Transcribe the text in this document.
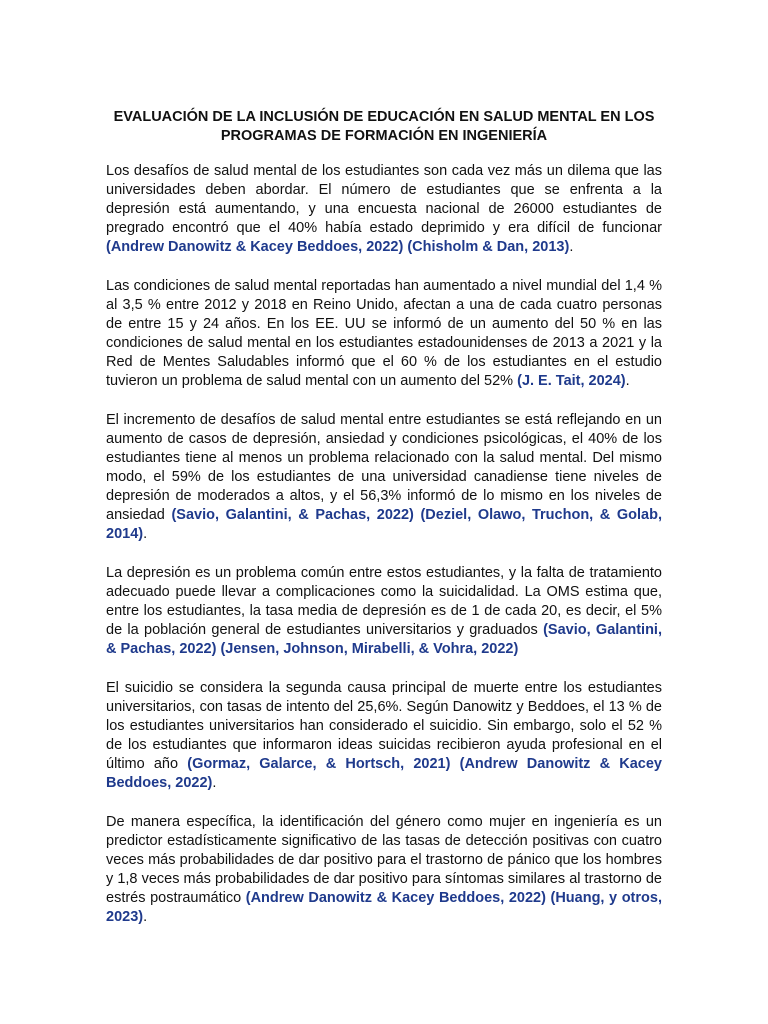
EVALUACIÓN DE LA INCLUSIÓN DE EDUCACIÓN EN SALUD MENTAL EN LOS PROGRAMAS DE FORMACIÓN EN INGENIERÍA

Los desafíos de salud mental de los estudiantes son cada vez más un dilema que las universidades deben abordar. El número de estudiantes que se enfrenta a la depresión está aumentando, y una encuesta nacional de 26000 estudiantes de pregrado encontró que el 40% había estado deprimido y era difícil de funcionar (Andrew Danowitz & Kacey Beddoes, 2022) (Chisholm & Dan, 2013).

Las condiciones de salud mental reportadas han aumentado a nivel mundial del 1,4 % al 3,5 % entre 2012 y 2018 en Reino Unido, afectan a una de cada cuatro personas de entre 15 y 24 años. En los EE. UU se informó de un aumento del 50 % en las condiciones de salud mental en los estudiantes estadounidenses de 2013 a 2021 y la Red de Mentes Saludables informó que el 60 % de los estudiantes en el estudio tuvieron un problema de salud mental con un aumento del 52% (J. E. Tait, 2024).

El incremento de desafíos de salud mental entre estudiantes se está reflejando en un aumento de casos de depresión, ansiedad y condiciones psicológicas, el 40% de los estudiantes tiene al menos un problema relacionado con la salud mental. Del mismo modo, el 59% de los estudiantes de una universidad canadiense tiene niveles de depresión de moderados a altos, y el 56,3% informó de lo mismo en los niveles de ansiedad (Savio, Galantini, & Pachas, 2022) (Deziel, Olawo, Truchon, & Golab, 2014).

La depresión es un problema común entre estos estudiantes, y la falta de tratamiento adecuado puede llevar a complicaciones como la suicidalidad. La OMS estima que, entre los estudiantes, la tasa media de depresión es de 1 de cada 20, es decir, el 5% de la población general de estudiantes universitarios y graduados (Savio, Galantini, & Pachas, 2022) (Jensen, Johnson, Mirabelli, & Vohra, 2022)

El suicidio se considera la segunda causa principal de muerte entre los estudiantes universitarios, con tasas de intento del 25,6%. Según Danowitz y Beddoes, el 13 % de los estudiantes universitarios han considerado el suicidio. Sin embargo, solo el 52 % de los estudiantes que informaron ideas suicidas recibieron ayuda profesional en el último año (Gormaz, Galarce, & Hortsch, 2021) (Andrew Danowitz & Kacey Beddoes, 2022).

De manera específica, la identificación del género como mujer en ingeniería es un predictor estadísticamente significativo de las tasas de detección positivas con cuatro veces más probabilidades de dar positivo para el trastorno de pánico que los hombres y 1,8 veces más probabilidades de dar positivo para síntomas similares al trastorno de estrés postraumático (Andrew Danowitz & Kacey Beddoes, 2022) (Huang, y otros, 2023).
